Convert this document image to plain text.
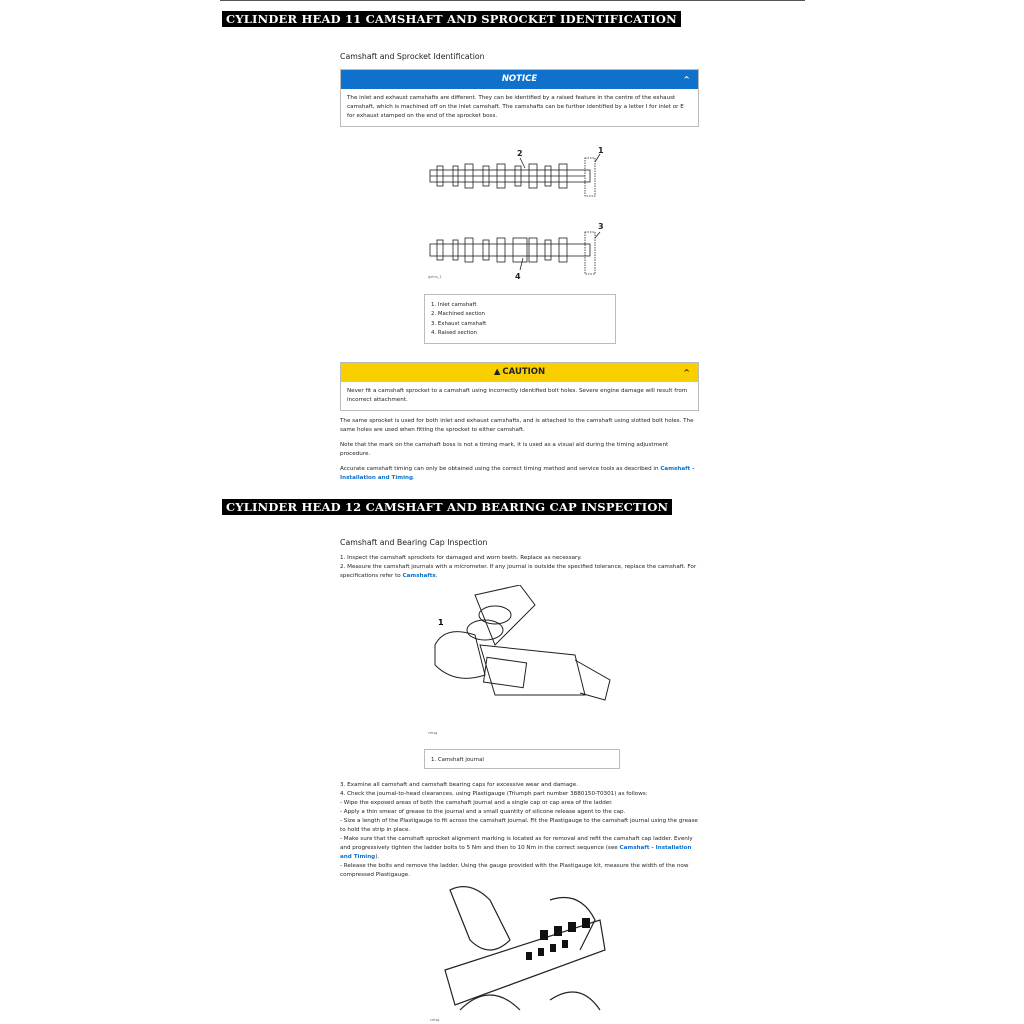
CYLINDER HEAD 11 CAMSHAFT AND SPROCKET IDENTIFICATION
Camshaft and Sprocket Identification
NOTICE	^
The inlet and exhaust camshafts are different. They can be identified by a raised feature in the centre of the exhaust camshaft, which is machined off on the inlet camshaft. The camshafts can be further identified by a letter I for inlet or E for exhaust stamped on the end of the sprocket boss.
2	1
3
4
gxhrs_1
1. Inlet camshaft
2. Machined section
3. Exhaust camshaft
4. Raised section
▲ CAUTION	^
Never fit a camshaft sprocket to a camshaft using incorrectly identified bolt holes. Severe engine damage will result from incorrect attachment.

The same sprocket is used for both inlet and exhaust camshafts, and is attached to the camshaft using slotted bolt holes. The same holes are used when fitting the sprocket to either camshaft.

Note that the mark on the camshaft boss is not a timing mark, it is used as a visual aid during the timing adjustment procedure.

Accurate camshaft timing can only be obtained using the correct timing method and service tools as described in Camshaft - Installation and Timing.

CYLINDER HEAD 12 CAMSHAFT AND BEARING CAP INSPECTION
Camshaft and Bearing Cap Inspection
1. Inspect the camshaft sprockets for damaged and worn teeth. Replace as necessary.
2. Measure the camshaft journals with a micrometer. If any journal is outside the specified tolerance, replace the camshaft. For specifications refer to Camshafts.
1
cmsg
1. Camshaft journal
3. Examine all camshaft and camshaft bearing caps for excessive wear and damage.
4. Check the journal-to-head clearances, using Plastigauge (Triumph part number 3880150-T0301) as follows:
- Wipe the exposed areas of both the camshaft journal and a single cap or cap area of the ladder.
- Apply a thin smear of grease to the journal and a small quantity of silicone release agent to the cap.
- Size a length of the Plastigauge to fit across the camshaft journal. Fit the Plastigauge to the camshaft journal using the grease to hold the strip in place.
- Make sure that the camshaft sprocket alignment marking is located as for removal and refit the camshaft cap ladder. Evenly and progressively tighten the ladder bolts to 5 Nm and then to 10 Nm in the correct sequence (see Camshaft - Installation and Timing).
- Release the bolts and remove the ladder. Using the gauge provided with the Plastigauge kit, measure the width of the now compressed Plastigauge.
cmsg
